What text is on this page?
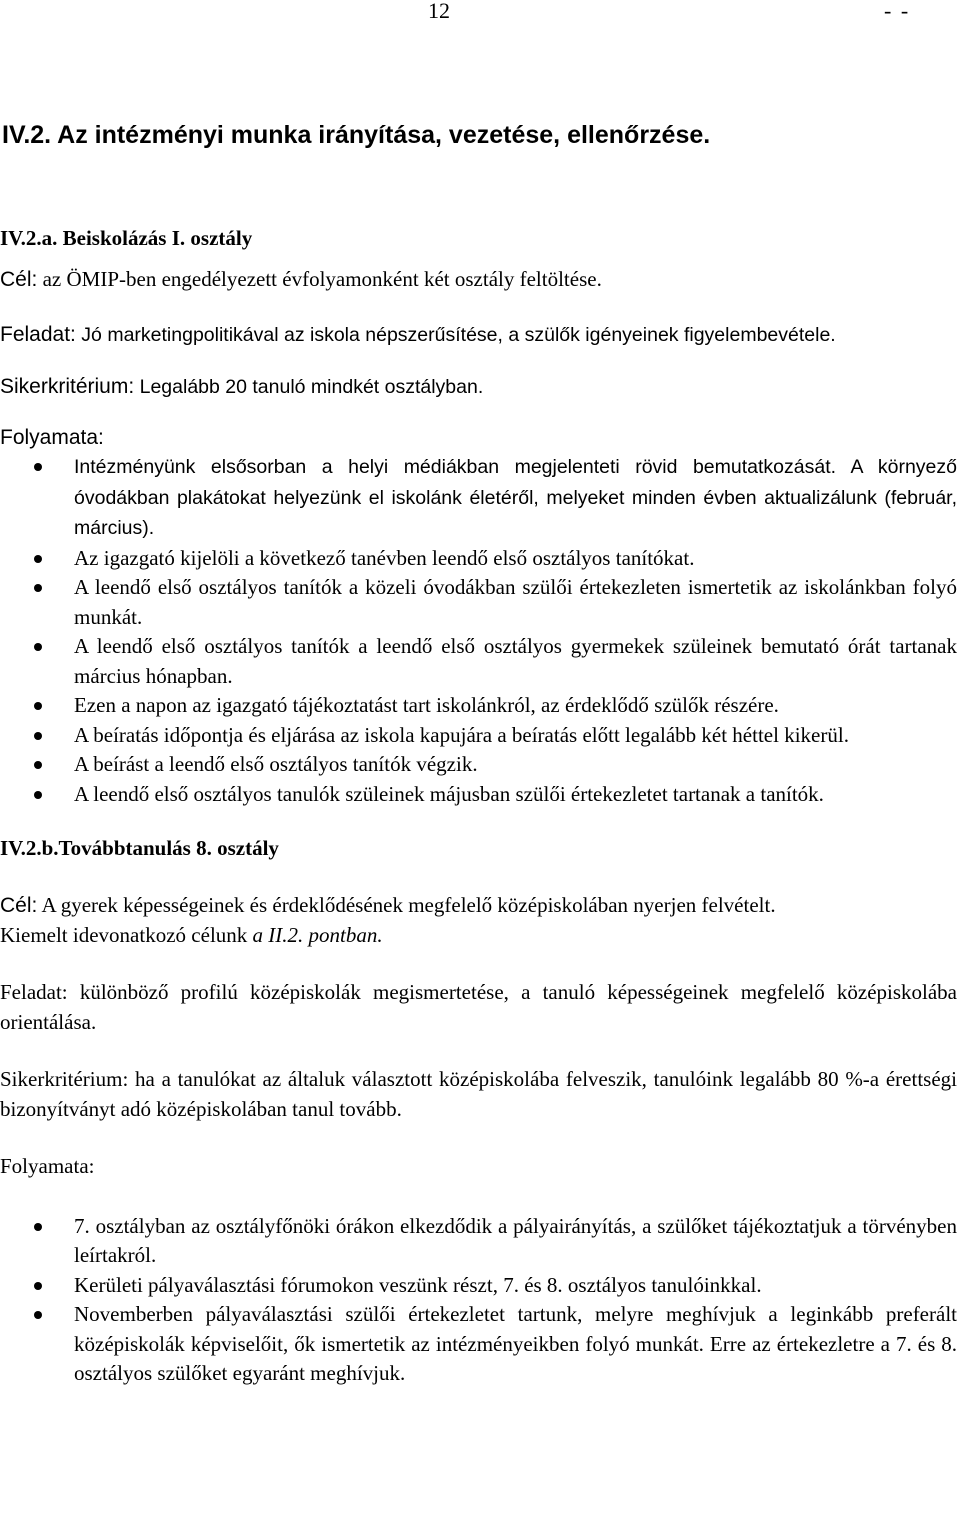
12	- -
IV.2. Az intézményi munka irányítása, vezetése, ellenőrzése.
IV.2.a. Beiskolázás I. osztály

Cél: az ÖMIP-ben engedélyezett évfolyamonként két osztály feltöltése.

Feladat: Jó marketingpolitikával az iskola népszerűsítése, a szülők igényeinek figyelembevétele.

Sikerkritérium: Legalább 20 tanuló mindkét osztályban.

Folyamata:

Intézményünk elsősorban a helyi médiákban megjelenteti rövid bemutatkozását. A környező óvodákban plakátokat helyezünk el iskolánk életéről, melyeket minden évben aktualizálunk (február, március).
Az igazgató kijelöli a következő tanévben leendő első osztályos tanítókat.
A leendő első osztályos tanítók a közeli óvodákban szülői értekezleten ismertetik az iskolánkban folyó munkát.
A leendő első osztályos tanítók a leendő első osztályos gyermekek szüleinek bemutató órát tartanak március hónapban.
Ezen a napon az igazgató tájékoztatást tart iskolánkról, az érdeklődő szülők részére.
A beíratás időpontja és eljárása az iskola kapujára a beíratás előtt legalább két héttel kikerül.
A beírást a leendő első osztályos tanítók végzik.
A leendő első osztályos tanulók szüleinek májusban szülői értekezletet tartanak a tanítók.
IV.2.b.Továbbtanulás 8. osztály

Cél: A gyerek képességeinek és érdeklődésének megfelelő középiskolában nyerjen felvételt.

Kiemelt idevonatkozó célunk a II.2. pontban.

Feladat: különböző profilú középiskolák megismertetése, a tanuló képességeinek megfelelő középiskolába orientálása.

Sikerkritérium: ha a tanulókat az általuk választott középiskolába felveszik, tanulóink legalább 80 %-a érettségi bizonyítványt adó középiskolában tanul tovább.

Folyamata:

7. osztályban az osztályfőnöki órákon elkezdődik a pályairányítás, a szülőket tájékoztatjuk a törvényben leírtakról.
Kerületi pályaválasztási fórumokon veszünk részt, 7. és 8. osztályos tanulóinkkal.
Novemberben pályaválasztási szülői értekezletet tartunk, melyre meghívjuk a leginkább preferált középiskolák képviselőit, ők ismertetik az intézményeikben folyó munkát. Erre az értekezletre a 7. és 8. osztályos szülőket egyaránt meghívjuk.
